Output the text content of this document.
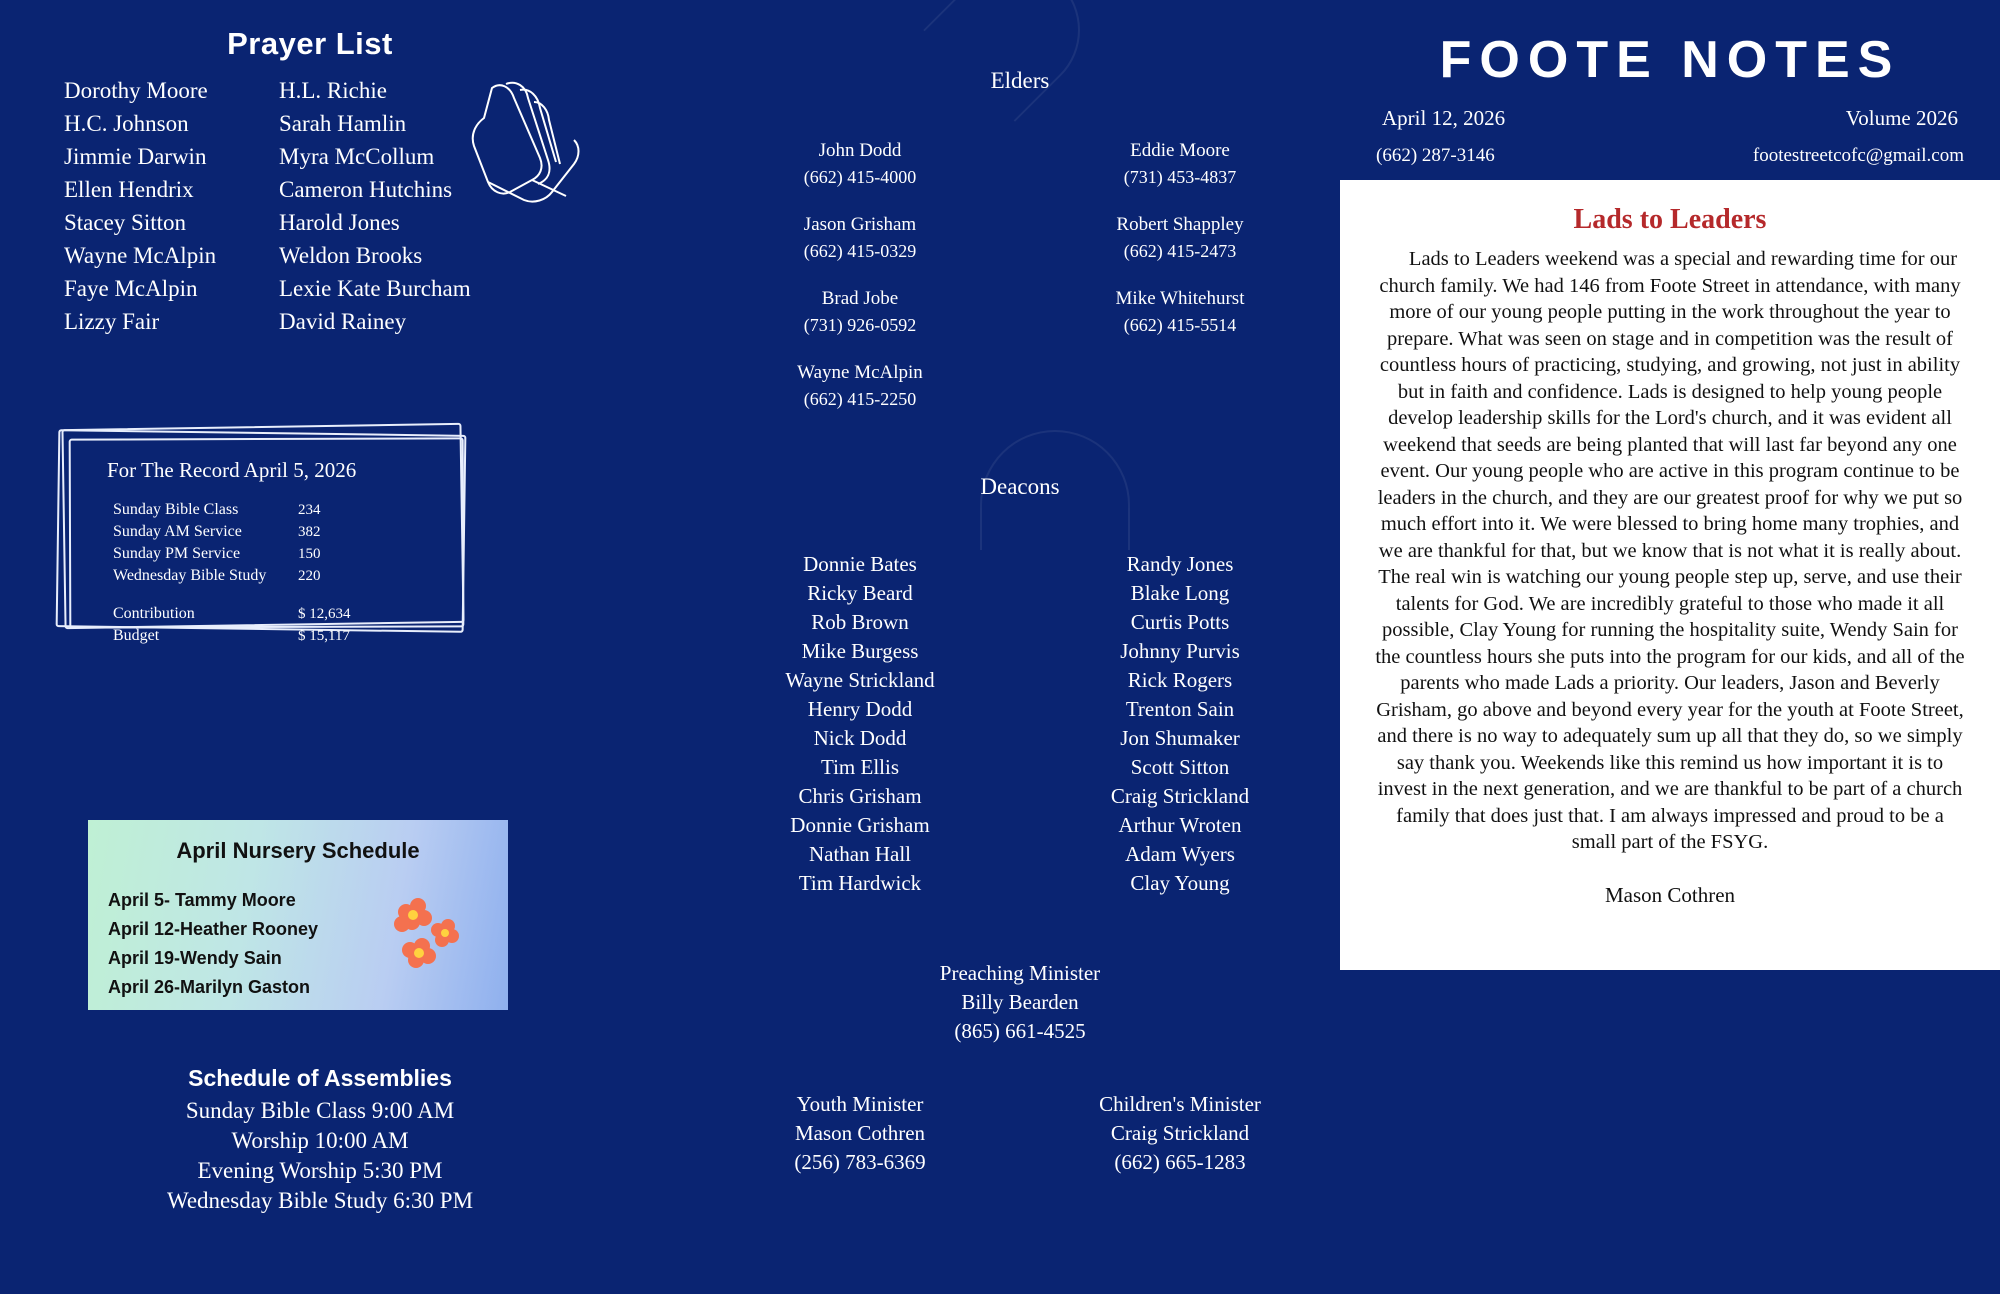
Prayer List
Dorothy Moore	H.L. Richie
H.C. Johnson	Sarah Hamlin
Jimmie Darwin	Myra McCollum
Ellen Hendrix	Cameron Hutchins
Stacey Sitton	Harold Jones
Wayne McAlpin	Weldon Brooks
Faye McAlpin	Lexie Kate Burcham
Lizzy Fair	David Rainey
For The Record April 5, 2026
Sunday Bible Class	234
Sunday AM Service	382
Sunday PM Service	150
Wednesday Bible Study	220
Contribution	$ 12,634
Budget	$ 15,117
April Nursery Schedule
April 5- Tammy Moore
April 12-Heather Rooney
April 19-Wendy Sain
April 26-Marilyn Gaston
Schedule of Assemblies

Sunday Bible Class 9:00 AM

Worship 10:00 AM

Evening Worship 5:30 PM

Wednesday Bible Study 6:30 PM

Elders
John Dodd
(662) 415-4000
Eddie Moore
(731) 453-4837
Jason Grisham
(662) 415-0329
Robert Shappley
(662) 415-2473
Brad Jobe
(731) 926-0592
Mike Whitehurst
(662) 415-5514
Wayne McAlpin
(662) 415-2250
Deacons
Donnie Bates	Randy Jones
Ricky Beard	Blake Long
Rob Brown	Curtis Potts
Mike Burgess	Johnny Purvis
Wayne Strickland	Rick Rogers
Henry Dodd	Trenton Sain
Nick Dodd	Jon Shumaker
Tim Ellis	Scott Sitton
Chris Grisham	Craig Strickland
Donnie Grisham	Arthur Wroten
Nathan Hall	Adam Wyers
Tim Hardwick	Clay Young
Preaching Minister
Billy Bearden
(865) 661-4525
Youth Minister
Mason Cothren
(256) 783-6369
Children's Minister
Craig Strickland
(662) 665-1283
FOOTE NOTES
April 12, 2026	Volume 2026
(662) 287-3146	footestreetcofc@gmail.com
Lads to Leaders

Lads to Leaders weekend was a special and rewarding time for our church family. We had 146 from Foote Street in attendance, with many more of our young people putting in the work throughout the year to prepare. What was seen on stage and in competition was the result of countless hours of practicing, studying, and growing, not just in ability but in faith and confidence. Lads is designed to help young people develop leadership skills for the Lord's church, and it was evident all weekend that seeds are being planted that will last far beyond any one event. Our young people who are active in this program continue to be leaders in the church, and they are our greatest proof for why we put so much effort into it. We were blessed to bring home many trophies, and we are thankful for that, but we know that is not what it is really about. The real win is watching our young people step up, serve, and use their talents for God. We are incredibly grateful to those who made it all possible, Clay Young for running the hospitality suite, Wendy Sain for the countless hours she puts into the program for our kids, and all of the parents who made Lads a priority. Our leaders, Jason and Beverly Grisham, go above and beyond every year for the youth at Foote Street, and there is no way to adequately sum up all that they do, so we simply say thank you. Weekends like this remind us how important it is to invest in the next generation, and we are thankful to be part of a church family that does just that. I am always impressed and proud to be a small part of the FSYG.

Mason Cothren
